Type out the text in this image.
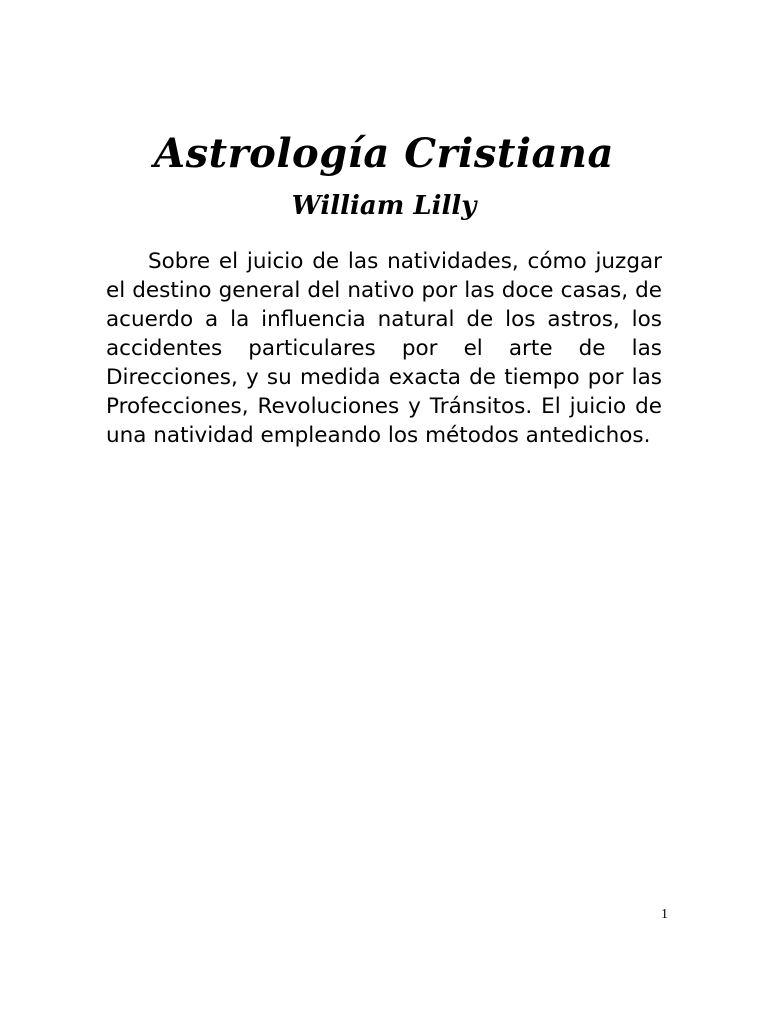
Astrología Cristiana
William Lilly

Sobre el juicio de las natividades, cómo juzgar el destino general del nativo por las doce casas, de acuerdo a la influencia natural de los astros, los accidentes particulares por el arte de las Direcciones, y su medida exacta de tiempo por las Profecciones, Revoluciones y Tránsitos. El juicio de una natividad empleando los métodos antedichos.

1
